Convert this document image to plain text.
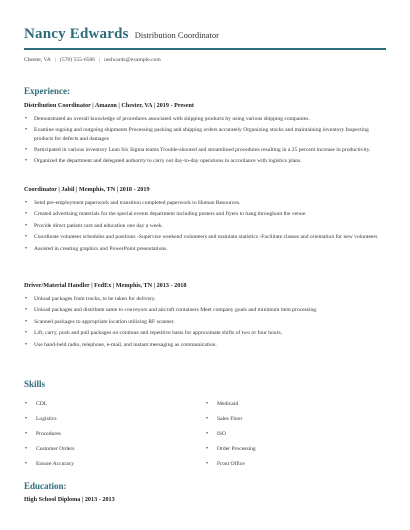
Nancy Edwards Distribution Coordinator
Chester, VA | (570) 555-6586 | nedwards@example.com
Experience:
Distribution Coordinator | Amazon | Chester, VA | 2019 - Present
• Demonstrated an overall knowledge of procedures associated with shipping products by using various shipping companies.
• Examine ingoing and outgoing shipments Processing packing and shipping orders accurately Organizing stocks and maintaining inventory Inspecting products for defects and damages
• Participated in various inventory Lean Six Sigma teams Trouble-shooted and streamlined procedures resulting in a 25 percent increase in productivity.
• Organized the department and delegated authority to carry out day-to-day operations in accordance with logistics plans.
Coordinator | Jabil | Memphis, TN | 2018 - 2019
• Send pre-employment paperwork and transition completed paperwork to Human Resources.
• Created advertising materials for the special events department including posters and flyers to hang throughout the venue.
• Provide direct patient care and education one day a week.
• Coordinate volunteer schedules and positions -Supervise weekend volunteers and maintain statistics -Facilitate classes and orientation for new volunteers
• Assisted in creating graphics and PowerPoint presentations.
Driver/Material Handler | FedEx | Memphis, TN | 2013 - 2018
• Unload packages from trucks, to be taken for delivery.
• Unload packages and distribute same to conveyors and aircraft containers Meet company goals and minimum item processing.
• Scanned packages to appropriate location utilizing RF scanner.
• Lift, carry, push and pull packages on continue and repetitive basis for approximate shifts of two or four hours.
• Use hand-held radio, telephone, e-mail, and instant messaging as communication.
Skills
• CDL	• Medicaid
• Logistics	• Sales Floor
• Procedures	• ISO
• Customer Orders	• Order Processing
• Ensure Accuracy	• Front Office
Education:
High School Diploma | 2013 - 2013
